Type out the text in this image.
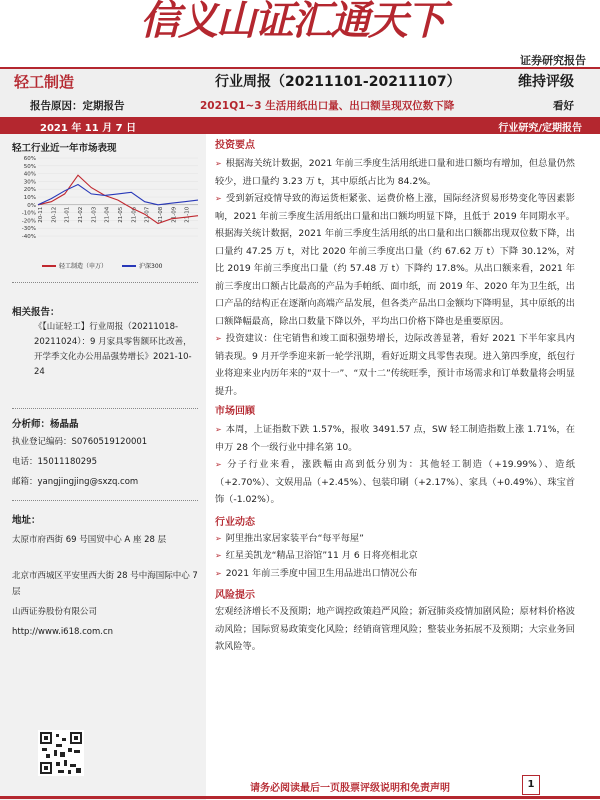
信义山证汇通天下
证券研究报告
轻工制造	行业周报（20211101-20211107）	维持评级
报告原因：定期报告	2021Q1~3 生活用纸出口量、出口额呈现双位数下降	看好
2021 年 11 月 7 日	行业研究/定期报告
轻工行业近一年市场表现
60%
50%
40%
30%
20%
10%
0%
-10%
-20%
-30%
-40%
20-11 20-12 21-01 21-02 21-03 21-04 21-05 21-06 21-07 21-08 21-09 21-10
轻工制造（申万）	沪深300
相关报告：
《【山证轻工】行业周报（20211018-20211024）：9 月家具零售额环比改善，开学季文化办公用品强势增长》2021-10-24
分析师：杨晶晶
执业登记编码：S0760519120001
电话：15011180295
邮箱：yangjingjing@sxzq.com
地址：
太原市府西街 69 号国贸中心 A 座 28 层
北京市西城区平安里西大街 28 号中海国际中心 7 层
山西证券股份有限公司
http://www.i618.com.cn
投资要点
➢ 根据海关统计数据，2021 年前三季度生活用纸进口量和进口额均有增加，但总量仍然较少，进口量约 3.23 万 t，其中原纸占比为 84.2%。
➢ 受到新冠疫情导致的海运货柜紧张、运费价格上涨，国际经济贸易形势变化等因素影响，2021 年前三季度生活用纸出口量和出口额均明显下降，且低于 2019 年同期水平。根据海关统计数据，2021 年前三季度生活用纸的出口量和出口额都出现双位数下降，出口量约 47.25 万 t，对比 2020 年前三季度出口量（约 67.62 万 t）下降 30.12%，对比 2019 年前三季度出口量（约 57.48 万 t）下降约 17.8%。从出口额来看，2021 年前三季度出口额占比最高的产品为手帕纸、面巾纸，而 2019 年、2020 年为卫生纸，出口产品的结构正在逐渐向高端产品发展，但各类产品出口金额均下降明显，其中原纸的出口额降幅最高，除出口数量下降以外，平均出口价格下降也是重要原因。
➢ 投资建议：住宅销售和竣工面积强势增长，边际改善显著，看好 2021 下半年家具内销表现。9 月开学季迎来新一轮学汛期，看好近期文具零售表现。进入第四季度，纸包行业将迎来业内历年来的“双十一”、“双十二”传统旺季，预计市场需求和订单数量将会明显提升。
市场回顾
➢ 本周，上证指数下跌 1.57%，报收 3491.57 点，SW 轻工制造指数上涨 1.71%，在申万 28 个一级行业中排名第 10。
➢ 分子行业来看，涨跌幅由高到低分别为：其他轻工制造（+19.99%）、造纸（+2.70%）、文娱用品（+2.45%）、包装印刷（+2.17%）、家具（+0.49%）、珠宝首饰（-1.02%）。
行业动态
➢ 阿里推出家居家装平台“每平每屋”
➢ 红星美凯龙“精品卫浴馆”11 月 6 日将亮相北京
➢ 2021 年前三季度中国卫生用品进出口情况公布
风险提示
宏观经济增长不及预期；地产调控政策趋严风险；新冠肺炎疫情加剧风险；原材料价格波动风险；国际贸易政策变化风险；经销商管理风险；整装业务拓展不及预期；大宗业务回款风险等。
请务必阅读最后一页股票评级说明和免责声明	1
